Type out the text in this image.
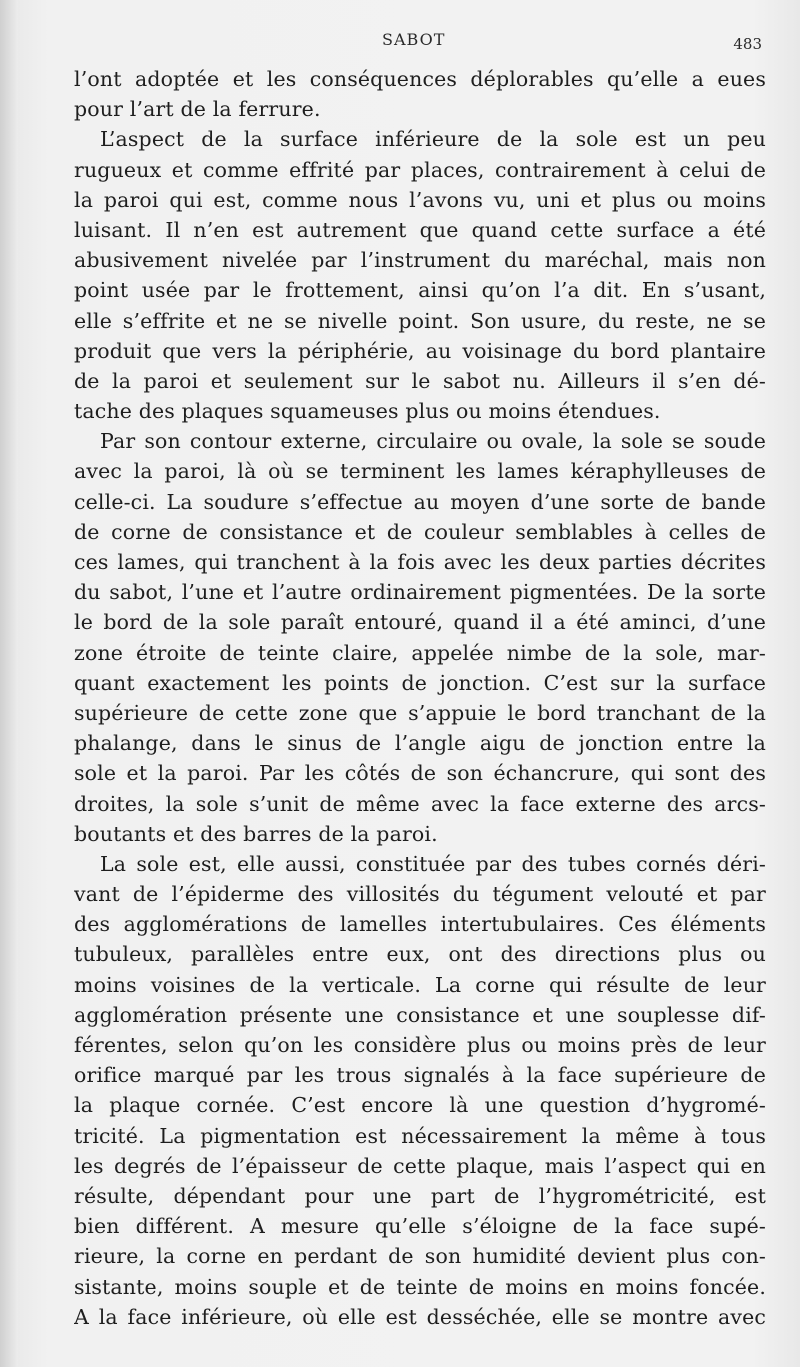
SABOT	483
l’ont adoptée et les conséquences déplorables qu’elle a eues
pour l’art de la ferrure.
L’aspect de la surface inférieure de la sole est un peu
rugueux et comme effrité par places, contrairement à celui de
la paroi qui est, comme nous l’avons vu, uni et plus ou moins
luisant. Il n’en est autrement que quand cette surface a été
abusivement nivelée par l’instrument du maréchal, mais non
point usée par le frottement, ainsi qu’on l’a dit. En s’usant,
elle s’effrite et ne se nivelle point. Son usure, du reste, ne se
produit que vers la périphérie, au voisinage du bord plantaire
de la paroi et seulement sur le sabot nu. Ailleurs il s’en dé-
tache des plaques squameuses plus ou moins étendues.
Par son contour externe, circulaire ou ovale, la sole se soude
avec la paroi, là où se terminent les lames kéraphylleuses de
celle-ci. La soudure s’effectue au moyen d’une sorte de bande
de corne de consistance et de couleur semblables à celles de
ces lames, qui tranchent à la fois avec les deux parties décrites
du sabot, l’une et l’autre ordinairement pigmentées. De la sorte
le bord de la sole paraît entouré, quand il a été aminci, d’une
zone étroite de teinte claire, appelée nimbe de la sole, mar-
quant exactement les points de jonction. C’est sur la surface
supérieure de cette zone que s’appuie le bord tranchant de la
phalange, dans le sinus de l’angle aigu de jonction entre la
sole et la paroi. Par les côtés de son échancrure, qui sont des
droites, la sole s’unit de même avec la face externe des arcs-
boutants et des barres de la paroi.
La sole est, elle aussi, constituée par des tubes cornés déri-
vant de l’épiderme des villosités du tégument velouté et par
des agglomérations de lamelles intertubulaires. Ces éléments
tubuleux, parallèles entre eux, ont des directions plus ou
moins voisines de la verticale. La corne qui résulte de leur
agglomération présente une consistance et une souplesse dif-
férentes, selon qu’on les considère plus ou moins près de leur
orifice marqué par les trous signalés à la face supérieure de
la plaque cornée. C’est encore là une question d’hygromé-
tricité. La pigmentation est nécessairement la même à tous
les degrés de l’épaisseur de cette plaque, mais l’aspect qui en
résulte, dépendant pour une part de l’hygrométricité, est
bien différent. A mesure qu’elle s’éloigne de la face supé-
rieure, la corne en perdant de son humidité devient plus con-
sistante, moins souple et de teinte de moins en moins foncée.
A la face inférieure, où elle est desséchée, elle se montre avec
